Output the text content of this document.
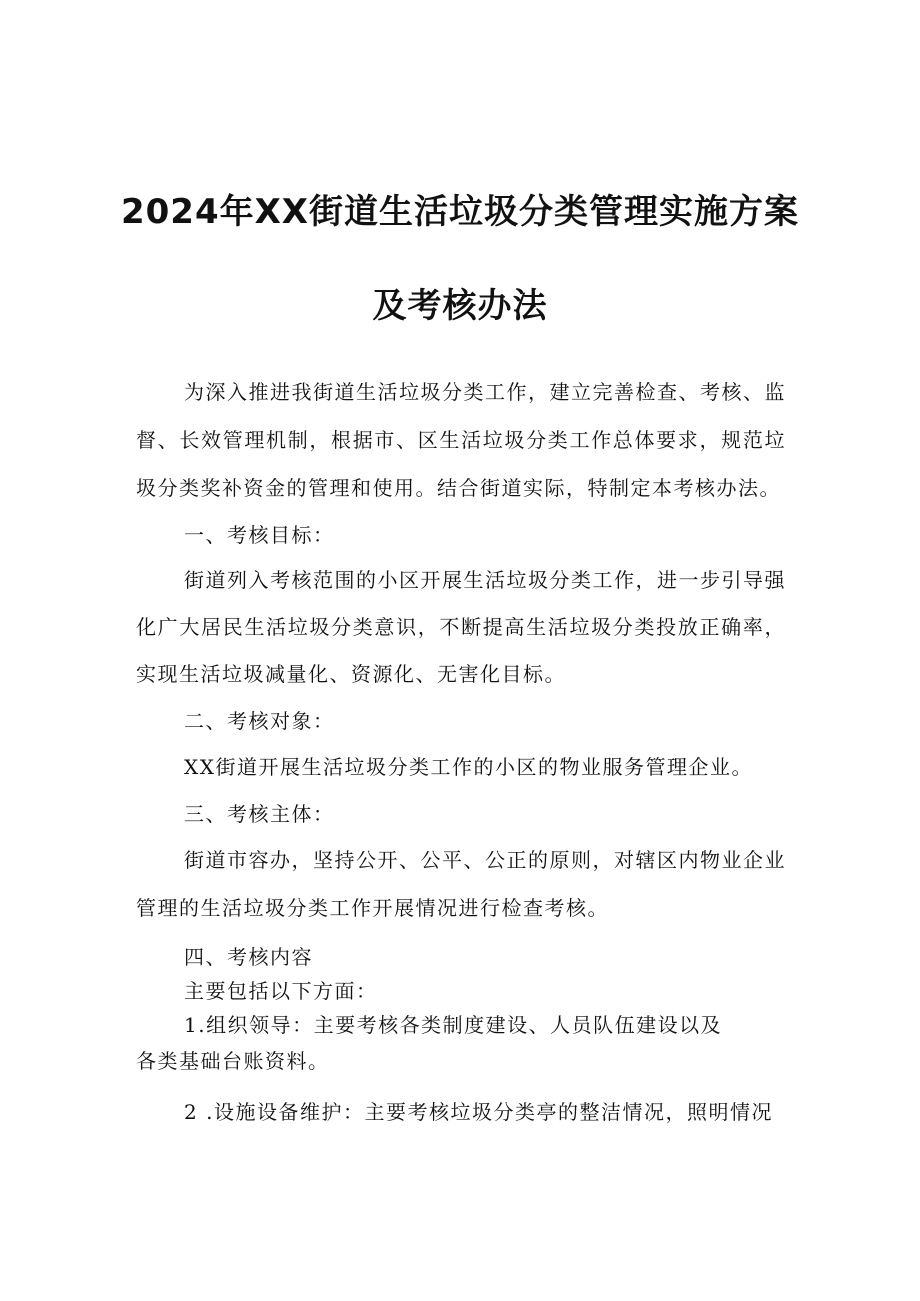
2024年XX街道生活垃圾分类管理实施方案
及考核办法
为深入推进我街道生活垃圾分类工作，建立完善检查、考核、监
督、长效管理机制，根据市、区生活垃圾分类工作总体要求，规范垃
圾分类奖补资金的管理和使用。结合街道实际，特制定本考核办法。
一、考核目标：
街道列入考核范围的小区开展生活垃圾分类工作，进一步引导强
化广大居民生活垃圾分类意识，不断提高生活垃圾分类投放正确率，
实现生活垃圾减量化、资源化、无害化目标。
二、考核对象：
XX街道开展生活垃圾分类工作的小区的物业服务管理企业。
三、考核主体：
街道市容办，坚持公开、公平、公正的原则，对辖区内物业企业
管理的生活垃圾分类工作开展情况进行检查考核。
四、考核内容
主要包括以下方面：
1.组织领导：主要考核各类制度建设、人员队伍建设以及
各类基础台账资料。
2 .设施设备维护：主要考核垃圾分类亭的整洁情况，照明情况
